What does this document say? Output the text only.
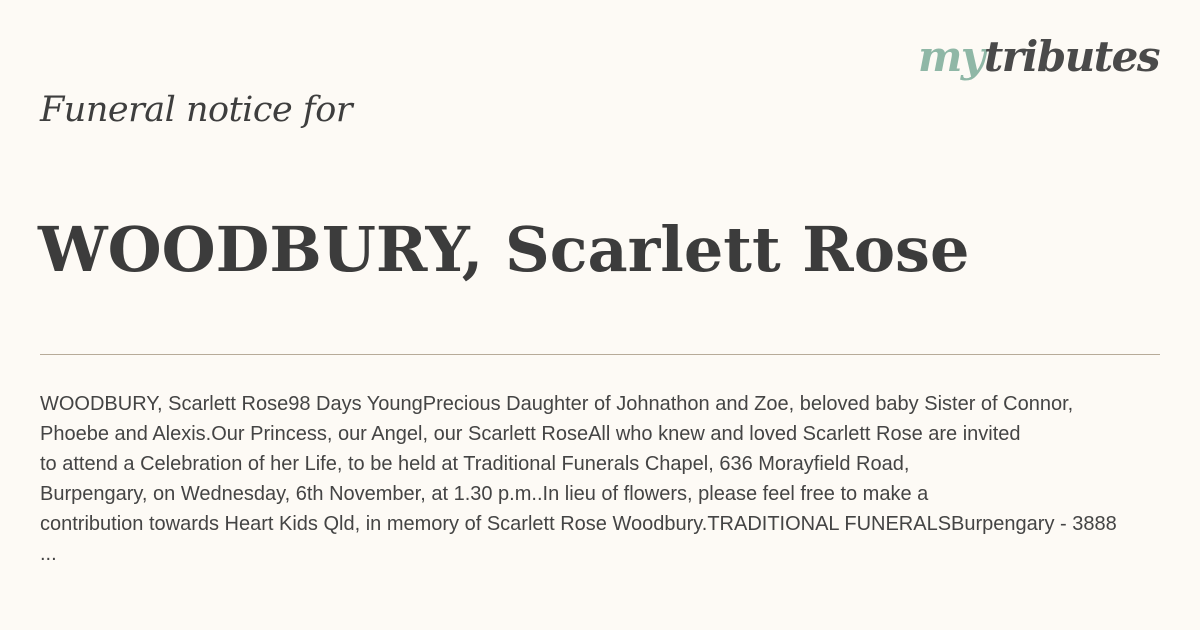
mytributes
Funeral notice for
WOODBURY, Scarlett Rose
WOODBURY, Scarlett Rose98 Days YoungPrecious Daughter of Johnathon and Zoe, beloved baby Sister of Connor,
Phoebe and Alexis.Our Princess, our Angel, our Scarlett RoseAll who knew and loved Scarlett Rose are invited
to attend a Celebration of her Life, to be held at Traditional Funerals Chapel, 636 Morayfield Road,
Burpengary, on Wednesday, 6th November, at 1.30 p.m..In lieu of flowers, please feel free to make a
contribution towards Heart Kids Qld, in memory of Scarlett Rose Woodbury.TRADITIONAL FUNERALSBurpengary - 3888
...
